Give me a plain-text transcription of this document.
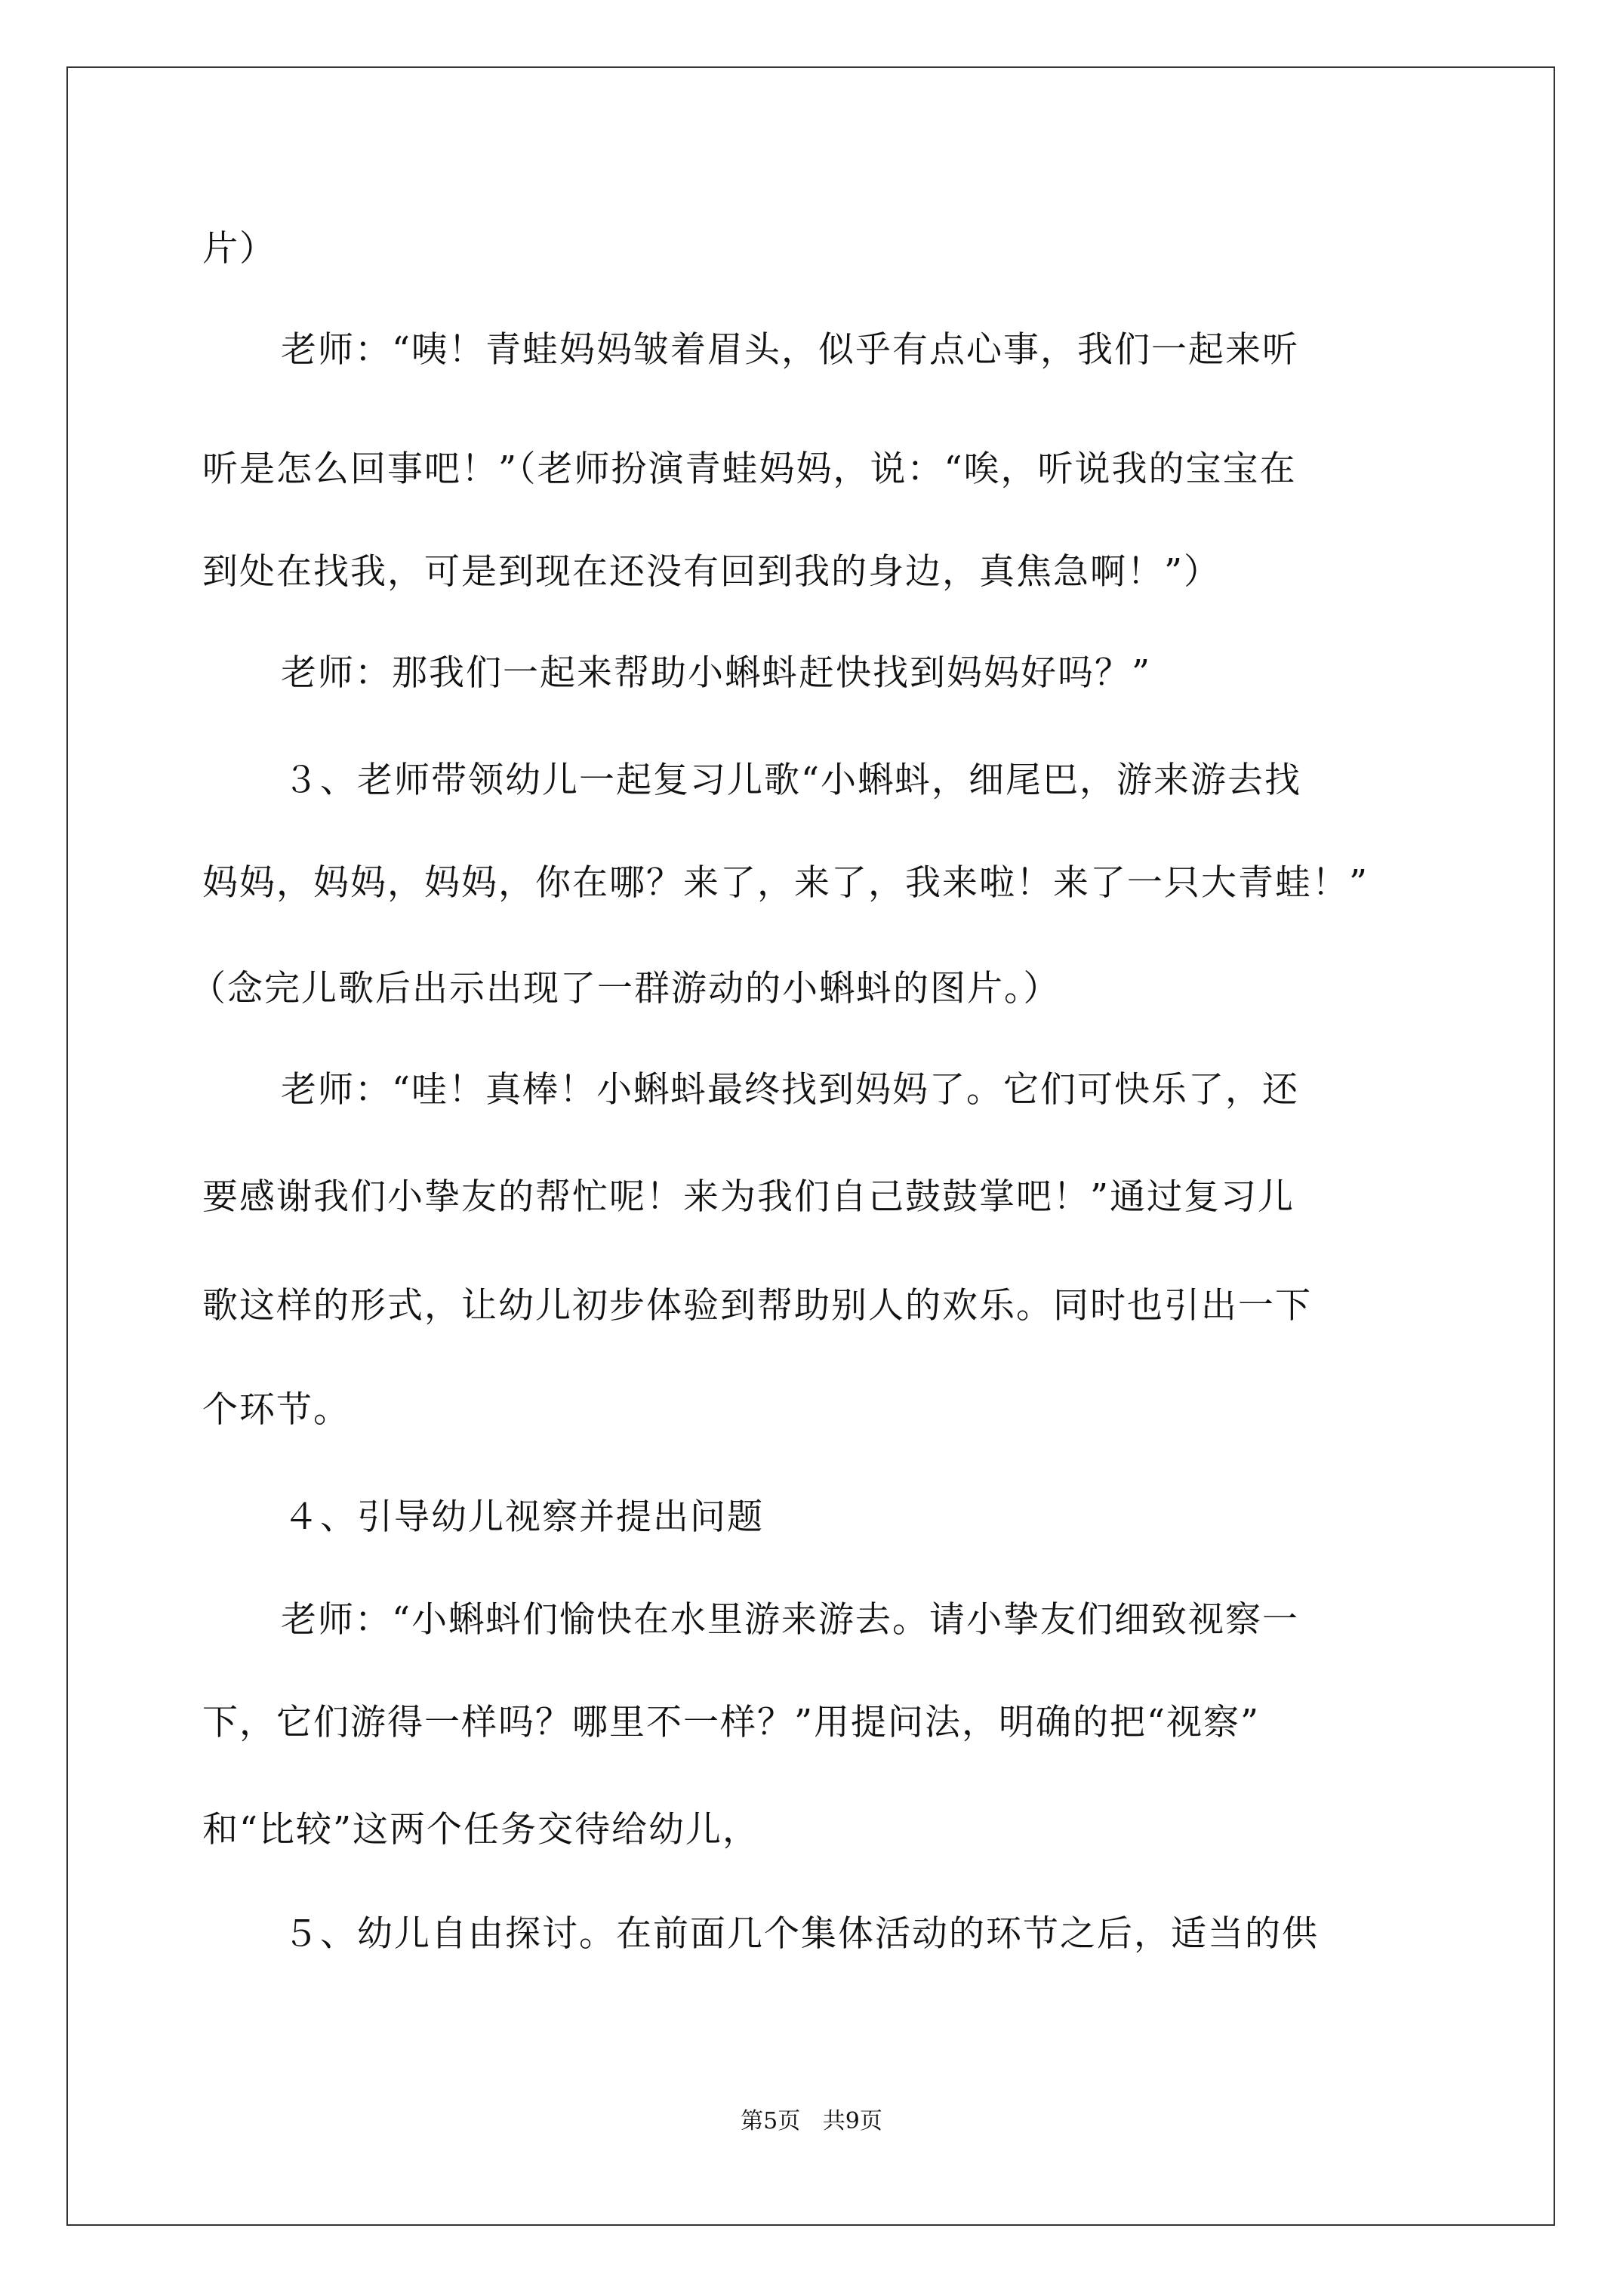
片）
老师：“咦！青蛙妈妈皱着眉头，似乎有点心事，我们一起来听
听是怎么回事吧！”（老师扮演青蛙妈妈，说：“唉，听说我的宝宝在
到处在找我，可是到现在还没有回到我的身边，真焦急啊！”）
老师：那我们一起来帮助小蝌蚪赶快找到妈妈好吗？”
３、老师带领幼儿一起复习儿歌“小蝌蚪，细尾巴，游来游去找
妈妈，妈妈，妈妈，你在哪？来了，来了，我来啦！来了一只大青蛙！”
（念完儿歌后出示出现了一群游动的小蝌蚪的图片。）
老师：“哇！真棒！小蝌蚪最终找到妈妈了。它们可快乐了，还
要感谢我们小挚友的帮忙呢！来为我们自己鼓鼓掌吧！”通过复习儿
歌这样的形式，让幼儿初步体验到帮助别人的欢乐。同时也引出一下
个环节。
４、引导幼儿视察并提出问题
老师：“小蝌蚪们愉快在水里游来游去。请小挚友们细致视察一
下，它们游得一样吗？哪里不一样？”用提问法，明确的把“视察”
和“比较”这两个任务交待给幼儿，
５、幼儿自由探讨。在前面几个集体活动的环节之后，适当的供
第5页 共9页
